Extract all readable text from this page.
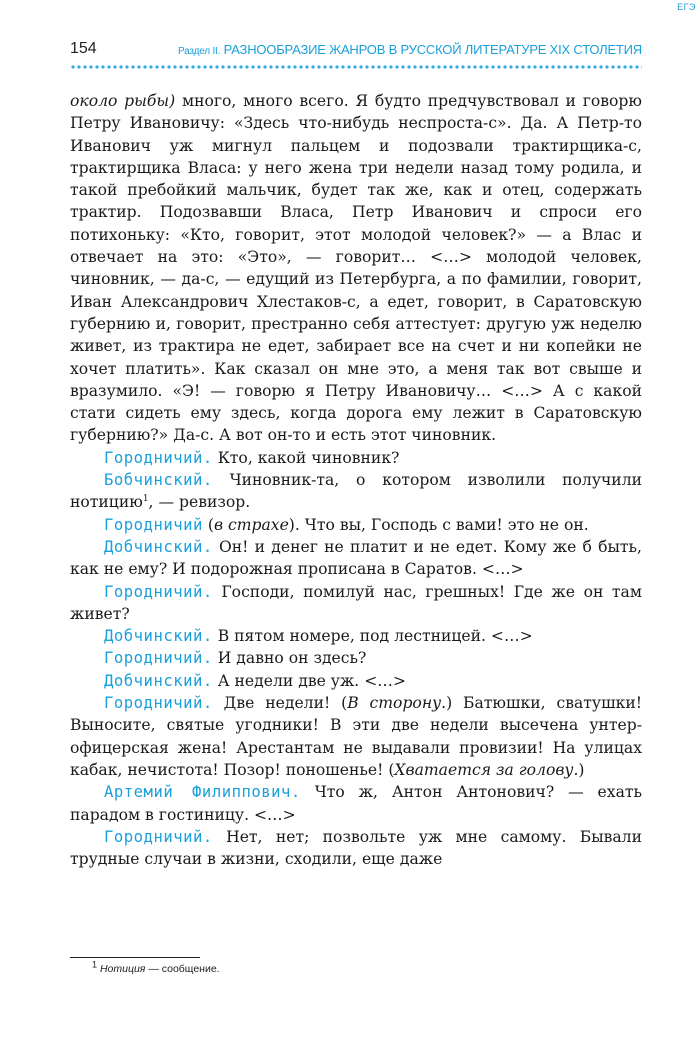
ЕГЭ
154	Раздел II. РАЗНООБРАЗИЕ ЖАНРОВ В РУССКОЙ ЛИТЕРАТУРЕ XIX СТОЛЕТИЯ

около рыбы) много, много всего. Я будто предчувствовал и говорю Петру Ивановичу: «Здесь что-нибудь неспроста-с». Да. А Петр-то Иванович уж мигнул пальцем и подозвали трактирщика-с, трактирщика Власа: у него жена три недели назад тому родила, и такой пребойкий мальчик, будет так же, как и отец, содержать трактир. Подозвавши Власа, Петр Иванович и спроси его потихоньку: «Кто, говорит, этот молодой человек?» — а Влас и отвечает на это: «Это», — говорит… <…> молодой человек, чиновник, — да-с, — едущий из Петербурга, а по фамилии, говорит, Иван Александрович Хлестаков-с, а едет, говорит, в Саратовскую губернию и, говорит, престранно себя аттестует: другую уж неделю живет, из трактира не едет, забирает все на счет и ни копейки не хочет платить». Как сказал он мне это, а меня так вот свыше и вразумило. «Э! — говорю я Петру Ивановичу… <…> А с какой стати сидеть ему здесь, когда дорога ему лежит в Саратовскую губернию?» Да-с. А вот он-то и есть этот чиновник.

Городничий. Кто, какой чиновник?

Бобчинский. Чиновник-та, о котором изволили получили нотицию$^1$, — ревизор.

Городничий (в страхе). Что вы, Господь с вами! это не он.

Добчинский. Он! и денег не платит и не едет. Кому же б быть, как не ему? И подорожная прописана в Саратов. <…>

Городничий. Господи, помилуй нас, грешных! Где же он там живет?

Добчинский. В пятом номере, под лестницей. <…>

Городничий. И давно он здесь?

Добчинский. А недели две уж. <…>

Городничий. Две недели! (В сторону.) Батюшки, сватушки! Выносите, святые угодники! В эти две недели высечена унтер-офицерская жена! Арестантам не выдавали провизии! На улицах кабак, нечистота! Позор! поношенье! (Хватается за голову.)

Артемий Филиппович. Что ж, Антон Антонович? — ехать парадом в гостиницу. <…>

Городничий. Нет, нет; позвольте уж мне самому. Бывали трудные случаи в жизни, сходили, еще даже

$^1$ Нотиция — сообщение.
